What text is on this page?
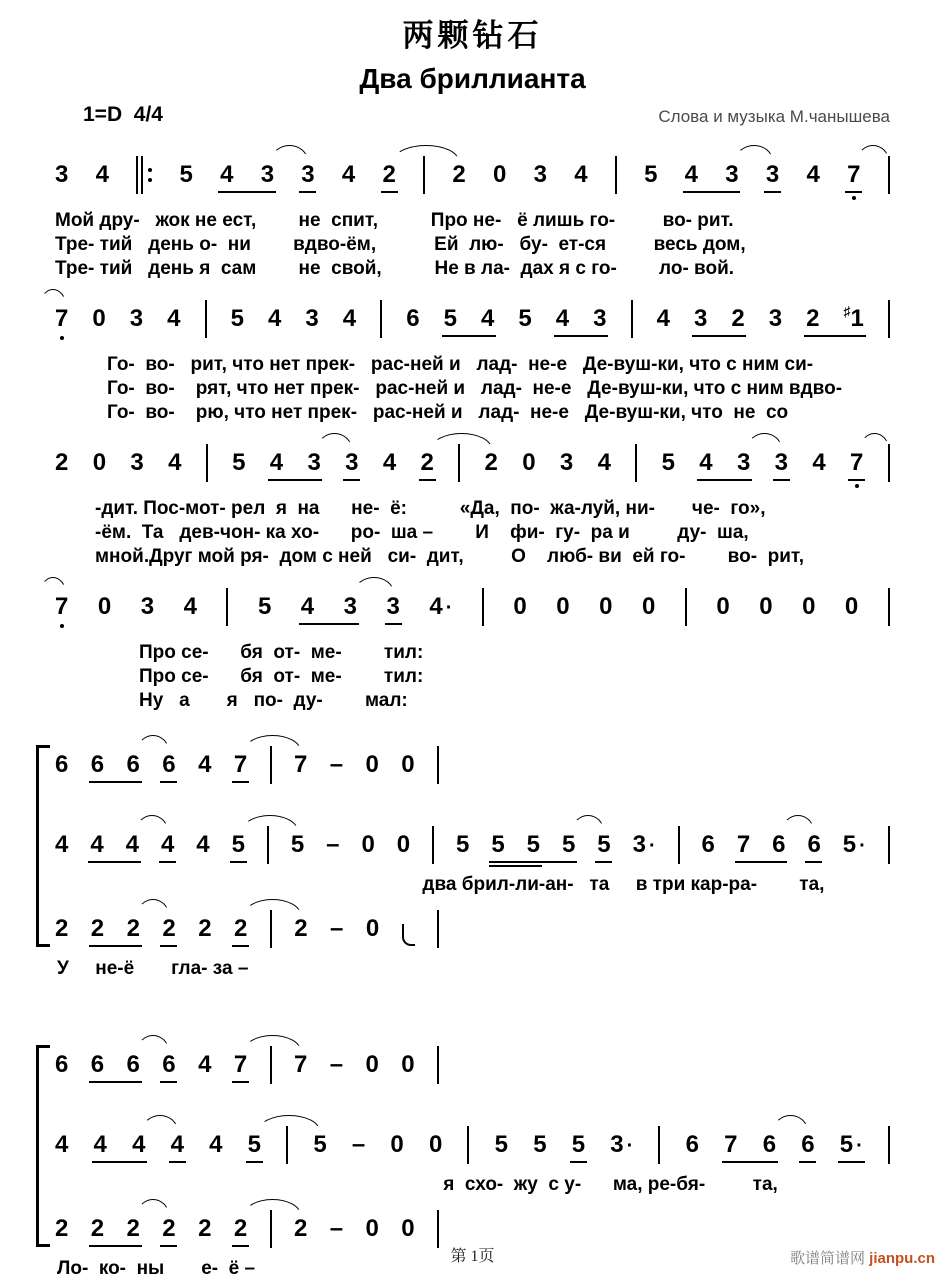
两颗钻石
Два бриллианта
1=D  4/4	Слова и музыка М.чанышева
3 4	5 4 3 3 4 2 2 0 3 4 5 4 3 3 4 7
Мой дру-   жок не ест,        не  спит,          Про не-   ё лишь го-         во- рит.
Тре- тий   день о-  ни        вдво-ём,           Ей  лю-   бу-  ет-ся         весь дом,
Тре- тий   день я  сам        не  свой,          Не в ла-  дах я с го-        ло- вой.
7 0 3 4 5 4 3 4 6 5 4 5 4 3 4 3 2 3 2 ♯1
Го-  во-   рит, что нет прек-   рас-ней и   лад-  не-е   Де-вуш-ки, что с ним си-
Го-  во-    рят, что нет прек-   рас-ней и   лад-  не-е   Де-вуш-ки, что с ним вдво-
Го-  во-    рю, что нет прек-   рас-ней и   лад-  не-е   Де-вуш-ки, что  не  со
2 0 3 4 5 4 3 3 4 2 2 0 3 4 5 4 3 3 4 7
-дит. Пос-мот- рел  я  на      не-  ё:          «Да,  по-  жа-луй, ни-       че-  го»,
-ём.  Та   дев-чон- ка хо-      ро-  ша –        И    фи-  гу-  ра и         ду-  ша,
мной.Друг мой ря-  дом с ней   си-  дит,         О    люб- ви  ей го-        во-  рит,
7 0 3 4	5 4 3 3 4 ·	0 0 0 0	0 0 0 0
Про се-      бя  от-  ме-        тил:
Про се-      бя  от-  ме-        тил:
Ну   а       я   по-  ду-        мал:
6 6 6 6 4 7 7 – 0 0
4 4 4 4 4 5 5 – 0 0 5 5 5 5 5 3 · 6 7 6 6 5 ·
два брил-ли-ан-   та     в три кар-ра-        та,
2 2 2 2 2 2 2 – 0
У     не-ё       гла- за –
6 6 6 6 4 7 7 – 0 0
4 4 4 4 4 5 5 – 0 0 5 5 5 3 · 6 7 6 6 5 ·
я  схо-  жу  с у-      ма, ре-бя-         та,
2 2 2 2 2 2 2 – 0 0
Ло-  ко-  ны       е-  ё –
第 1页	歌谱简谱网 jianpu.cn
